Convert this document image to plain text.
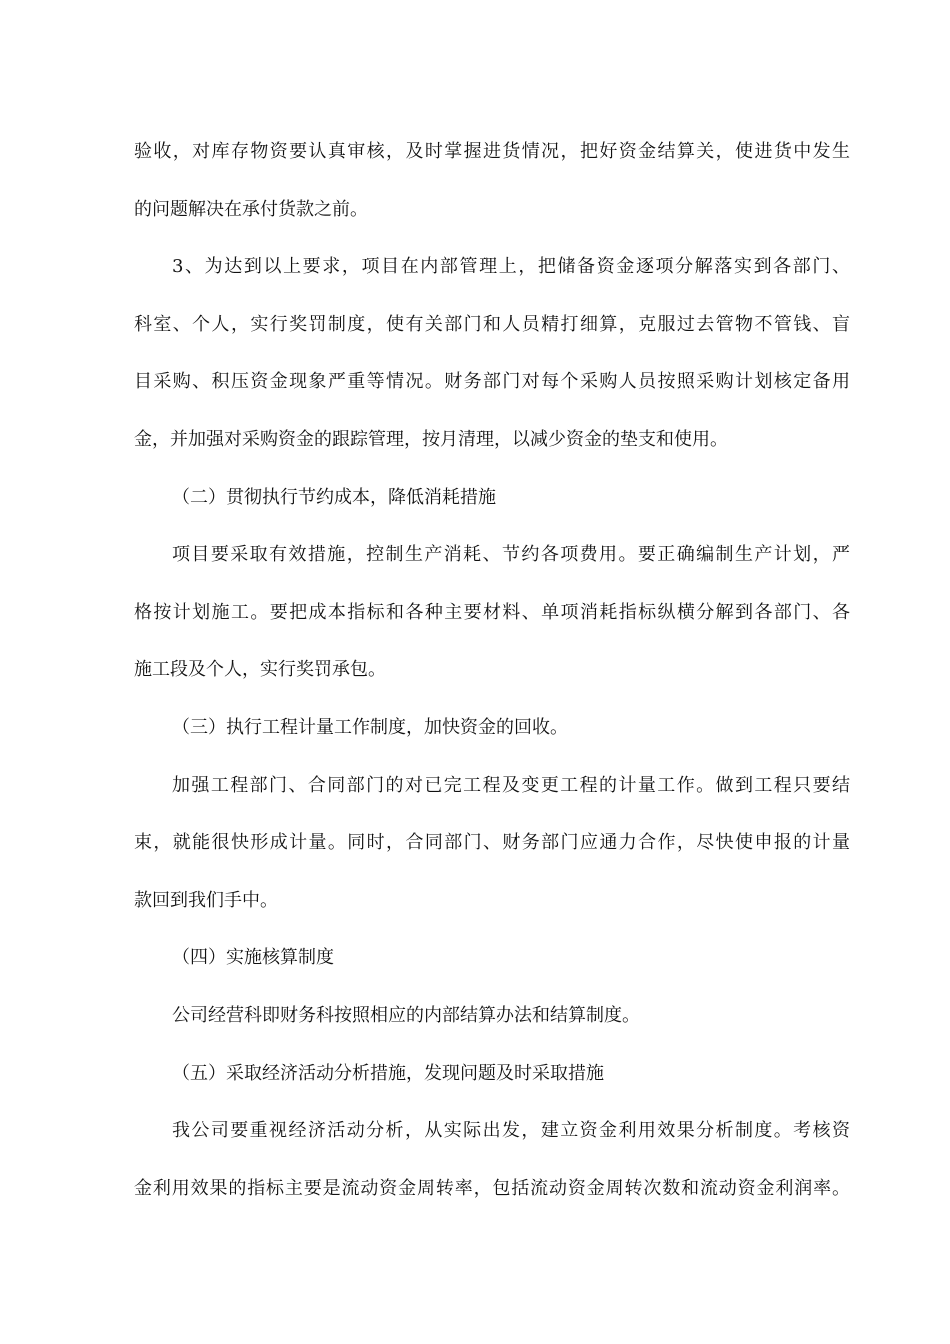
验收，对库存物资要认真审核，及时掌握进货情况，把好资金结算关，使进货中发生
的问题解决在承付货款之前。
3、为达到以上要求，项目在内部管理上，把储备资金逐项分解落实到各部门、
科室、个人，实行奖罚制度，使有关部门和人员精打细算，克服过去管物不管钱、盲
目采购、积压资金现象严重等情况。财务部门对每个采购人员按照采购计划核定备用
金，并加强对采购资金的跟踪管理，按月清理，以减少资金的垫支和使用。
（二）贯彻执行节约成本，降低消耗措施
项目要采取有效措施，控制生产消耗、节约各项费用。要正确编制生产计划，严
格按计划施工。要把成本指标和各种主要材料、单项消耗指标纵横分解到各部门、各
施工段及个人，实行奖罚承包。
（三）执行工程计量工作制度，加快资金的回收。
加强工程部门、合同部门的对已完工程及变更工程的计量工作。做到工程只要结
束，就能很快形成计量。同时，合同部门、财务部门应通力合作，尽快使申报的计量
款回到我们手中。
（四）实施核算制度
公司经营科即财务科按照相应的内部结算办法和结算制度。
（五）采取经济活动分析措施，发现问题及时采取措施
我公司要重视经济活动分析，从实际出发，建立资金利用效果分析制度。考核资
金利用效果的指标主要是流动资金周转率，包括流动资金周转次数和流动资金利润率。
